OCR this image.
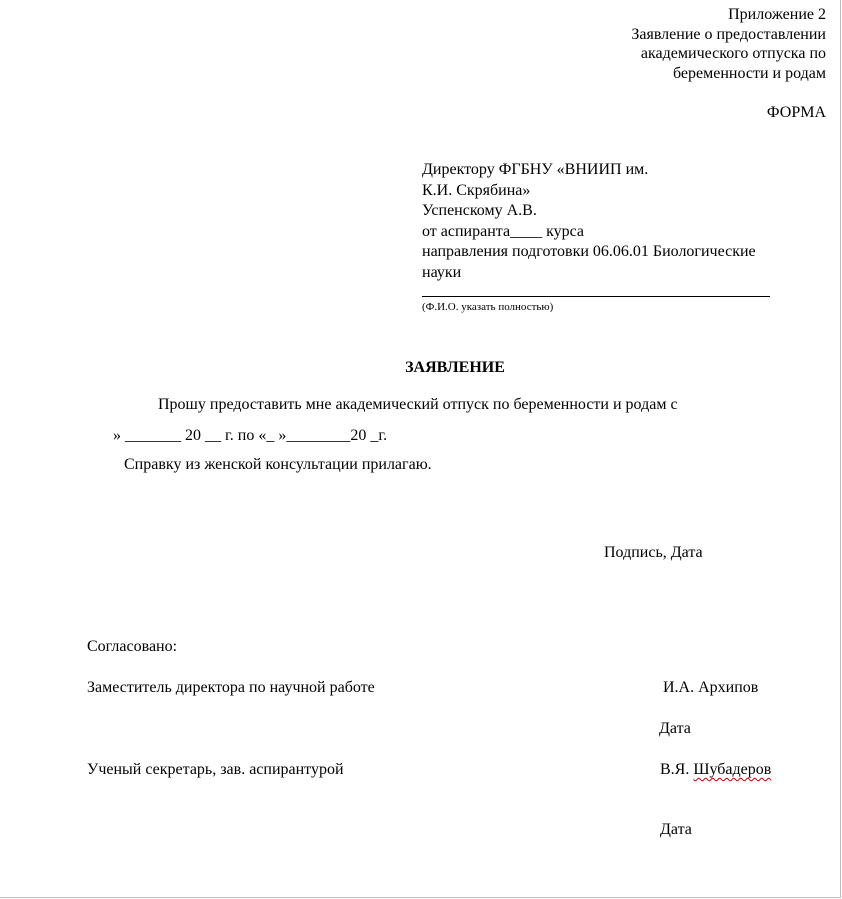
Приложение 2
Заявление о предоставлении
академического отпуска по
беременности и родам
ФОРМА
Директору ФГБНУ «ВНИИП им.
К.И. Скрябина»
Успенскому А.В.
от аспиранта____ курса
направления подготовки 06.06.01 Биологические
науки
(Ф.И.О. указать полностью)
ЗАЯВЛЕНИЕ
Прошу предоставить мне академический отпуск по беременности и родам с
» _______ 20 __ г. по «_ »________20 _г.
Справку из женской консультации прилагаю.
Подпись, Дата
Согласовано:
Заместитель директора по научной работе	И.А. Архипов
Дата
Ученый секретарь, зав. аспирантурой	В.Я. Шубадеров
Дата
